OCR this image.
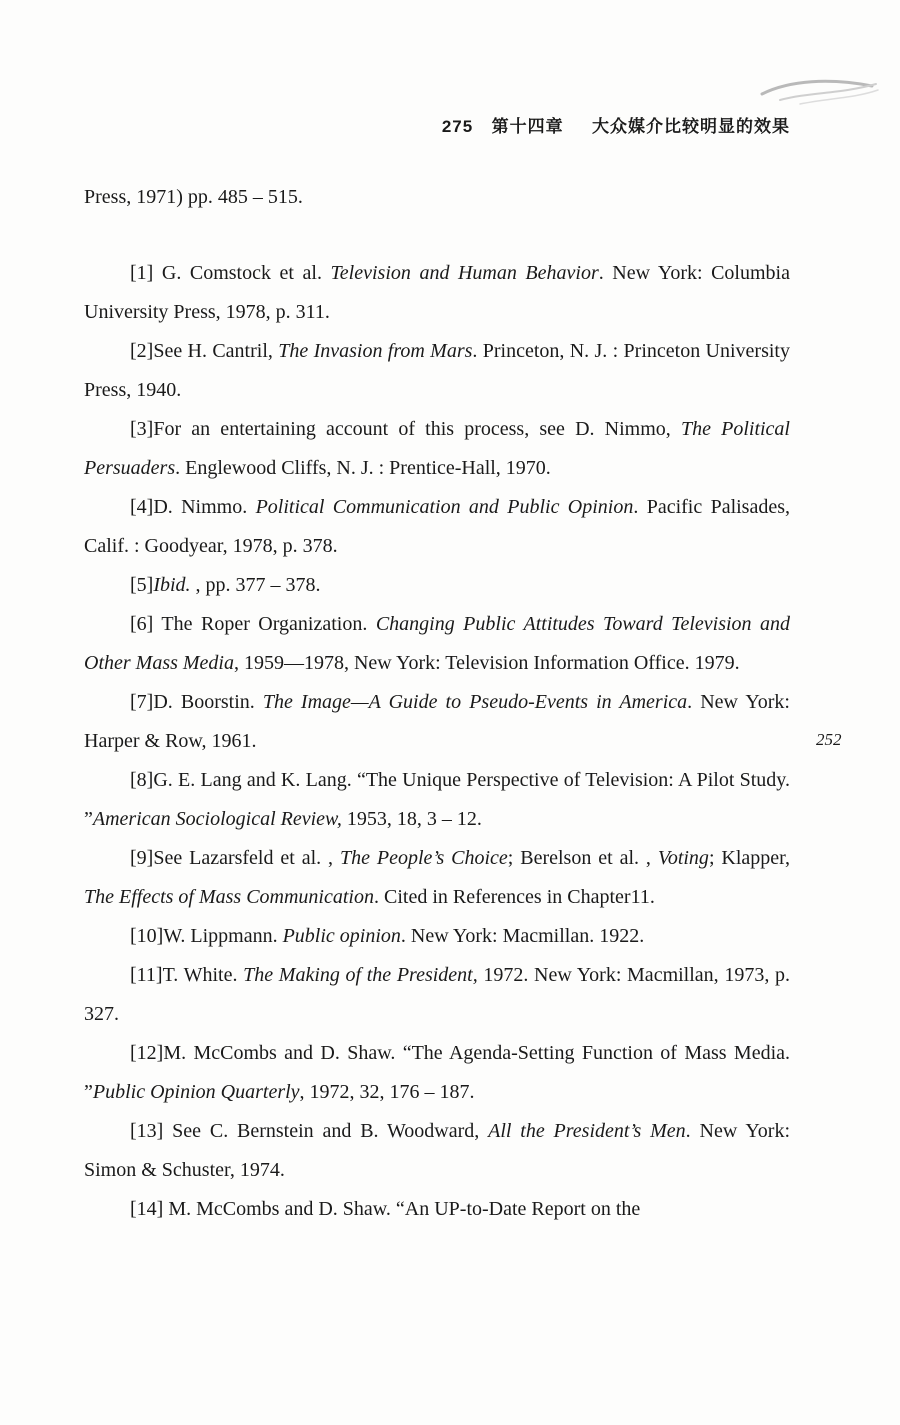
275 第十四章 大众媒介比较明显的效果
252

Press, 1971) pp. 485 – 515.

[1] G. Comstock et al. Television and Human Behavior. New York: Columbia University Press, 1978, p. 311.

[2]See H. Cantril, The Invasion from Mars. Princeton, N. J. : Princeton University Press, 1940.

[3]For an entertaining account of this process, see D. Nimmo, The Political Persuaders. Englewood Cliffs, N. J. : Prentice-Hall, 1970.

[4]D. Nimmo. Political Communication and Public Opinion. Pacific Palisades, Calif. : Goodyear, 1978, p. 378.

[5]Ibid. , pp. 377 – 378.

[6] The Roper Organization. Changing Public Attitudes Toward Television and Other Mass Media, 1959—1978, New York: Television Information Office. 1979.

[7]D. Boorstin. The Image—A Guide to Pseudo-Events in America. New York: Harper & Row, 1961.

[8]G. E. Lang and K. Lang. “The Unique Perspective of Television: A Pilot Study. ”American Sociological Review, 1953, 18, 3 – 12.

[9]See Lazarsfeld et al. , The People’s Choice; Berelson et al. , Voting; Klapper, The Effects of Mass Communication. Cited in References in Chapter11.

[10]W. Lippmann. Public opinion. New York: Macmillan. 1922.

[11]T. White. The Making of the President, 1972. New York: Macmillan, 1973, p. 327.

[12]M. McCombs and D. Shaw. “The Agenda-Setting Function of Mass Media. ”Public Opinion Quarterly, 1972, 32, 176 – 187.

[13] See C. Bernstein and B. Woodward, All the President’s Men. New York: Simon & Schuster, 1974.

[14] M. McCombs and D. Shaw. “An UP-to-Date Report on the
